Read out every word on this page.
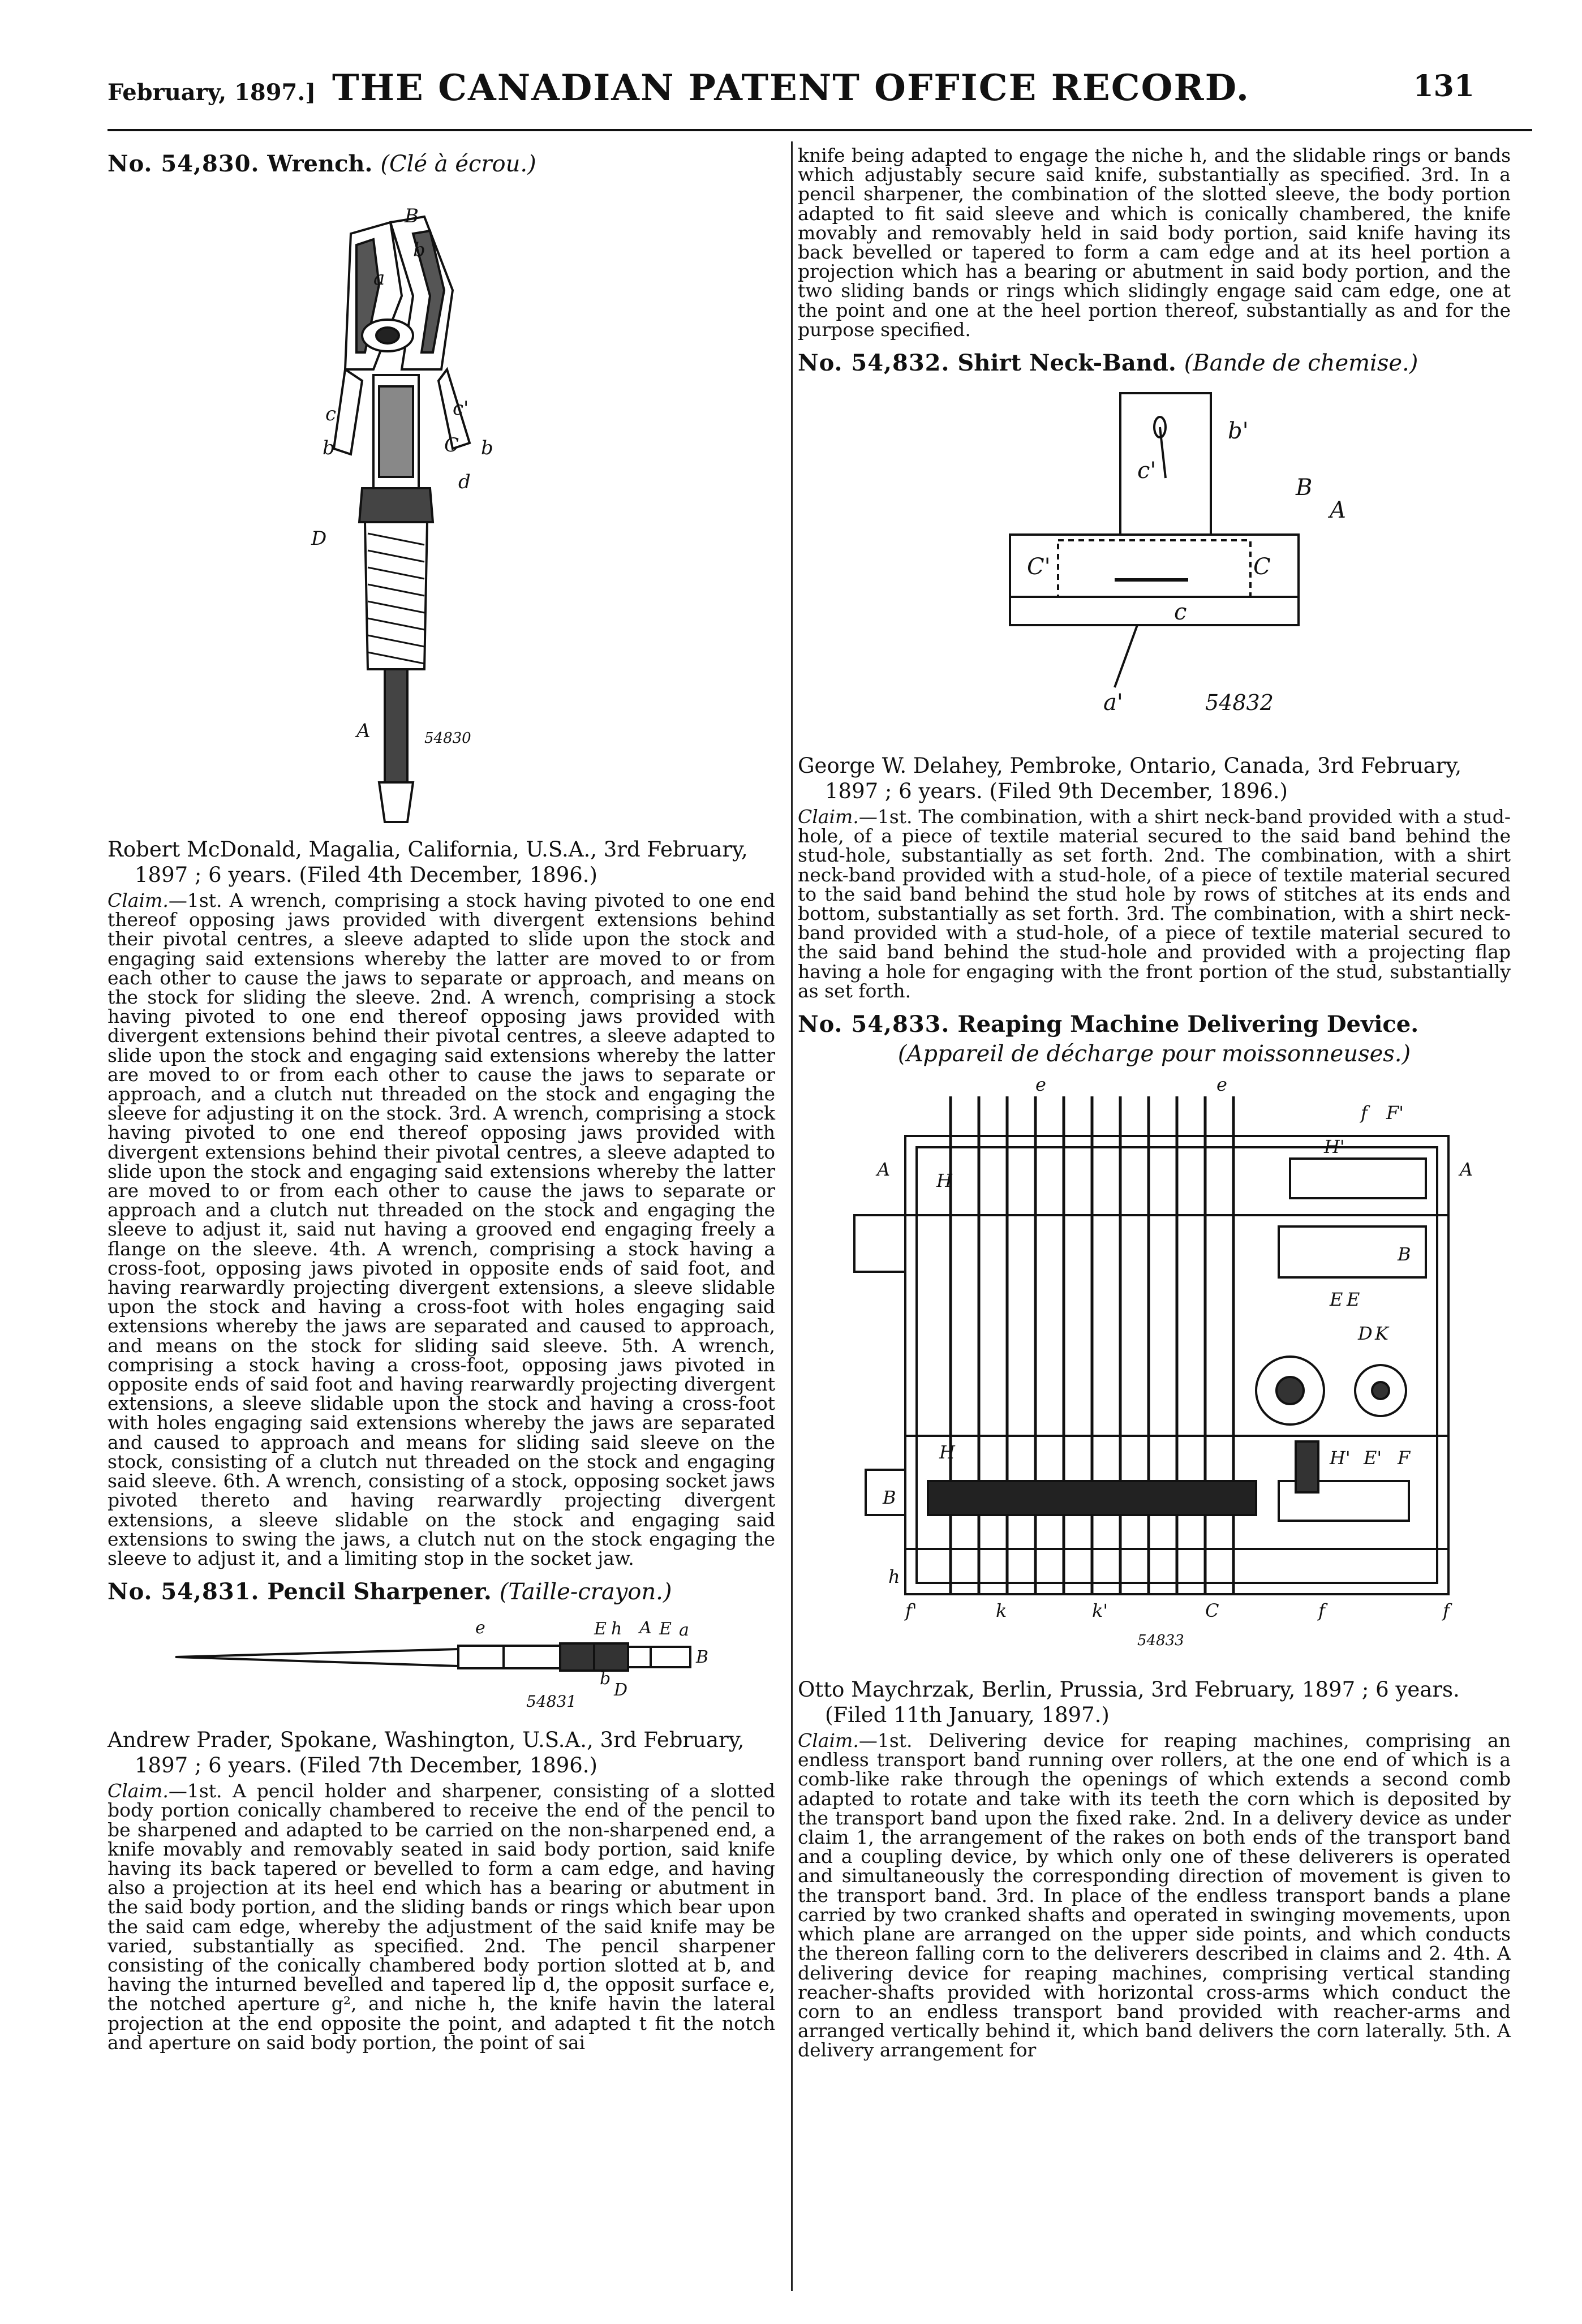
February, 1897.] THE CANADIAN PATENT OFFICE RECORD.	131
No. 54,830. Wrench. (Clé à écrou.)
B
b
a
c	c'
b	b
C
d
D
A	54830
Robert McDonald, Magalia, California, U.S.A., 3rd February,
1897 ; 6 years. (Filed 4th December, 1896.)

Claim.—1st. A wrench, comprising a stock having pivoted to one end thereof opposing jaws provided with divergent extensions behind their pivotal centres, a sleeve adapted to slide upon the stock and engaging said extensions whereby the latter are moved to or from each other to cause the jaws to separate or approach, and means on the stock for sliding the sleeve. 2nd. A wrench, comprising a stock having pivoted to one end thereof opposing jaws provided with divergent extensions behind their pivotal centres, a sleeve adapted to slide upon the stock and engaging said extensions whereby the latter are moved to or from each other to cause the jaws to separate or approach, and a clutch nut threaded on the stock and engaging the sleeve for adjusting it on the stock. 3rd. A wrench, comprising a stock having pivoted to one end thereof opposing jaws provided with divergent extensions behind their pivotal centres, a sleeve adapted to slide upon the stock and engaging said extensions whereby the latter are moved to or from each other to cause the jaws to separate or approach and a clutch nut threaded on the stock and engaging the sleeve to adjust it, said nut having a grooved end engaging freely a flange on the sleeve. 4th. A wrench, comprising a stock having a cross-foot, opposing jaws pivoted in opposite ends of said foot, and having rearwardly projecting divergent extensions, a sleeve slidable upon the stock and having a cross-foot with holes engaging said extensions whereby the jaws are separated and caused to approach, and means on the stock for sliding said sleeve. 5th. A wrench, comprising a stock having a cross-foot, opposing jaws pivoted in opposite ends of said foot and having rearwardly projecting divergent extensions, a sleeve slidable upon the stock and having a cross-foot with holes engaging said extensions whereby the jaws are separated and caused to approach and means for sliding said sleeve on the stock, consisting of a clutch nut threaded on the stock and engaging said sleeve. 6th. A wrench, consisting of a stock, opposing socket jaws pivoted thereto and having rearwardly projecting divergent extensions, a sleeve slidable on the stock and engaging said extensions to swing the jaws, a clutch nut on the stock engaging the sleeve to adjust it, and a limiting stop in the socket jaw.

No. 54,831. Pencil Sharpener. (Taille-crayon.)
e	E h A E a
B
b
D
54831
Andrew Prader, Spokane, Washington, U.S.A., 3rd February,
1897 ; 6 years. (Filed 7th December, 1896.)

Claim.—1st. A pencil holder and sharpener, consisting of a slotted body portion conically chambered to receive the end of the pencil to be sharpened and adapted to be carried on the non-sharpened end, a knife movably and removably seated in said body portion, said knife having its back tapered or bevelled to form a cam edge, and having also a projection at its heel end which has a bearing or abutment in the said body portion, and the sliding bands or rings which bear upon the said cam edge, whereby the adjustment of the said knife may be varied, substantially as specified. 2nd. The pencil sharpener consisting of the conically chambered body portion slotted at b, and having the inturned bevelled and tapered lip d, the opposit surface e, the notched aperture g², and niche h, the knife havin the lateral projection at the end opposite the point, and adapted t fit the notch and aperture on said body portion, the point of sai

knife being adapted to engage the niche h, and the slidable rings or bands which adjustably secure said knife, substantially as specified. 3rd. In a pencil sharpener, the combination of the slotted sleeve, the body portion adapted to fit said sleeve and which is conically chambered, the knife movably and removably held in said body portion, said knife having its back bevelled or tapered to form a cam edge and at its heel portion a projection which has a bearing or abutment in said body portion, and the two sliding bands or rings which slidingly engage said cam edge, one at the point and one at the heel portion thereof, substantially as and for the purpose specified.

No. 54,832. Shirt Neck-Band. (Bande de chemise.)
b'
c'
B
A
C'	C
c
a'	54832
George W. Delahey, Pembroke, Ontario, Canada, 3rd February,
1897 ; 6 years. (Filed 9th December, 1896.)

Claim.—1st. The combination, with a shirt neck-band provided with a stud-hole, of a piece of textile material secured to the said band behind the stud-hole, substantially as set forth. 2nd. The combination, with a shirt neck-band provided with a stud-hole, of a piece of textile material secured to the said band behind the stud hole by rows of stitches at its ends and bottom, substantially as set forth. 3rd. The combination, with a shirt neck-band provided with a stud-hole, of a piece of textile material secured to the said band behind the stud-hole and provided with a projecting flap having a hole for engaging with the front portion of the stud, substantially as set forth.

No. 54,833. Reaping Machine Delivering Device.
(Appareil de décharge pour moissonneuses.)
e	e
f F'
A
H
A
H'
B
E E
D K
H	H' E' F
B
f'	k	k'	C	f	f
h
54833
Otto Maychrzak, Berlin, Prussia, 3rd February, 1897 ; 6 years.
(Filed 11th January, 1897.)

Claim.—1st. Delivering device for reaping machines, comprising an endless transport band running over rollers, at the one end of which is a comb-like rake through the openings of which extends a second comb adapted to rotate and take with its teeth the corn which is deposited by the transport band upon the fixed rake. 2nd. In a delivery device as under claim 1, the arrangement of the rakes on both ends of the transport band and a coupling device, by which only one of these deliverers is operated and simultaneously the corresponding direction of movement is given to the transport band. 3rd. In place of the endless transport bands a plane carried by two cranked shafts and operated in swinging movements, upon which plane are arranged on the upper side points, and which conducts the thereon falling corn to the deliverers described in claims and 2. 4th. A delivering device for reaping machines, comprising vertical standing reacher-shafts provided with horizontal cross-arms which conduct the corn to an endless transport band provided with reacher-arms and arranged vertically behind it, which band delivers the corn laterally. 5th. A delivery arrangement for
